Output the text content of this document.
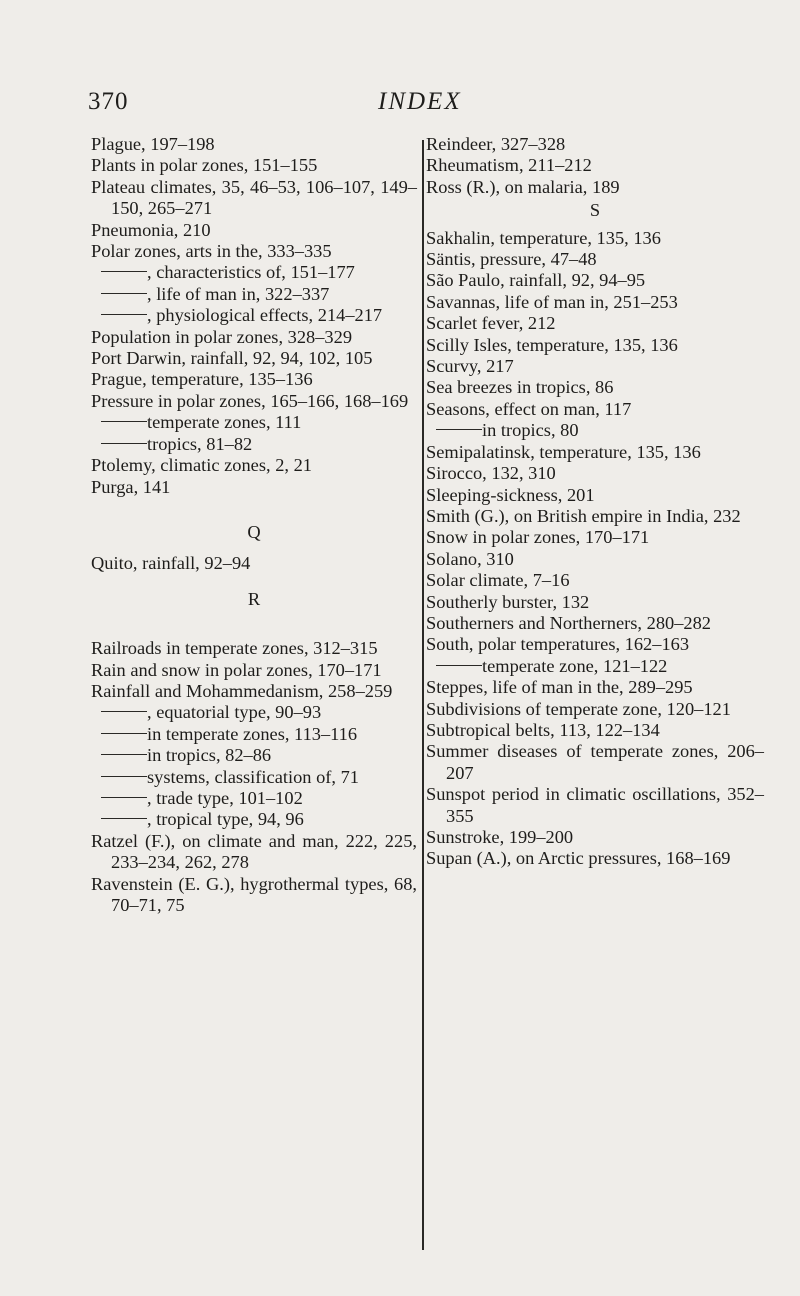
370	INDEX

Plague, 197–198

Plants in polar zones, 151–155

Plateau climates, 35, 46–53, 106–107, 149–150, 265–271

Pneumonia, 210

Polar zones, arts in the, 333–335

, characteristics of, 151–177

, life of man in, 322–337

, physiological effects, 214–217

Population in polar zones, 328–329

Port Darwin, rainfall, 92, 94, 102, 105

Prague, temperature, 135–136

Pressure in polar zones, 165–166, 168–169

temperate zones, 111

tropics, 81–82

Ptolemy, climatic zones, 2, 21

Purga, 141

Q

Quito, rainfall, 92–94

R

Railroads in temperate zones, 312–315

Rain and snow in polar zones, 170–171

Rainfall and Mohammedanism, 258–259

, equatorial type, 90–93

in temperate zones, 113–116

in tropics, 82–86

systems, classification of, 71

, trade type, 101–102

, tropical type, 94, 96

Ratzel (F.), on climate and man, 222, 225, 233–234, 262, 278

Ravenstein (E. G.), hygrothermal types, 68, 70–71, 75

Reindeer, 327–328

Rheumatism, 211–212

Ross (R.), on malaria, 189

S

Sakhalin, temperature, 135, 136

Säntis, pressure, 47–48

São Paulo, rainfall, 92, 94–95

Savannas, life of man in, 251–253

Scarlet fever, 212

Scilly Isles, temperature, 135, 136

Scurvy, 217

Sea breezes in tropics, 86

Seasons, effect on man, 117

in tropics, 80

Semipalatinsk, temperature, 135, 136

Sirocco, 132, 310

Sleeping-sickness, 201

Smith (G.), on British empire in India, 232

Snow in polar zones, 170–171

Solano, 310

Solar climate, 7–16

Southerly burster, 132

Southerners and Northerners, 280–282

South, polar temperatures, 162–163

temperate zone, 121–122

Steppes, life of man in the, 289–295

Subdivisions of temperate zone, 120–121

Subtropical belts, 113, 122–134

Summer diseases of temperate zones, 206–207

Sunspot period in climatic oscillations, 352–355

Sunstroke, 199–200

Supan (A.), on Arctic pressures, 168–169
